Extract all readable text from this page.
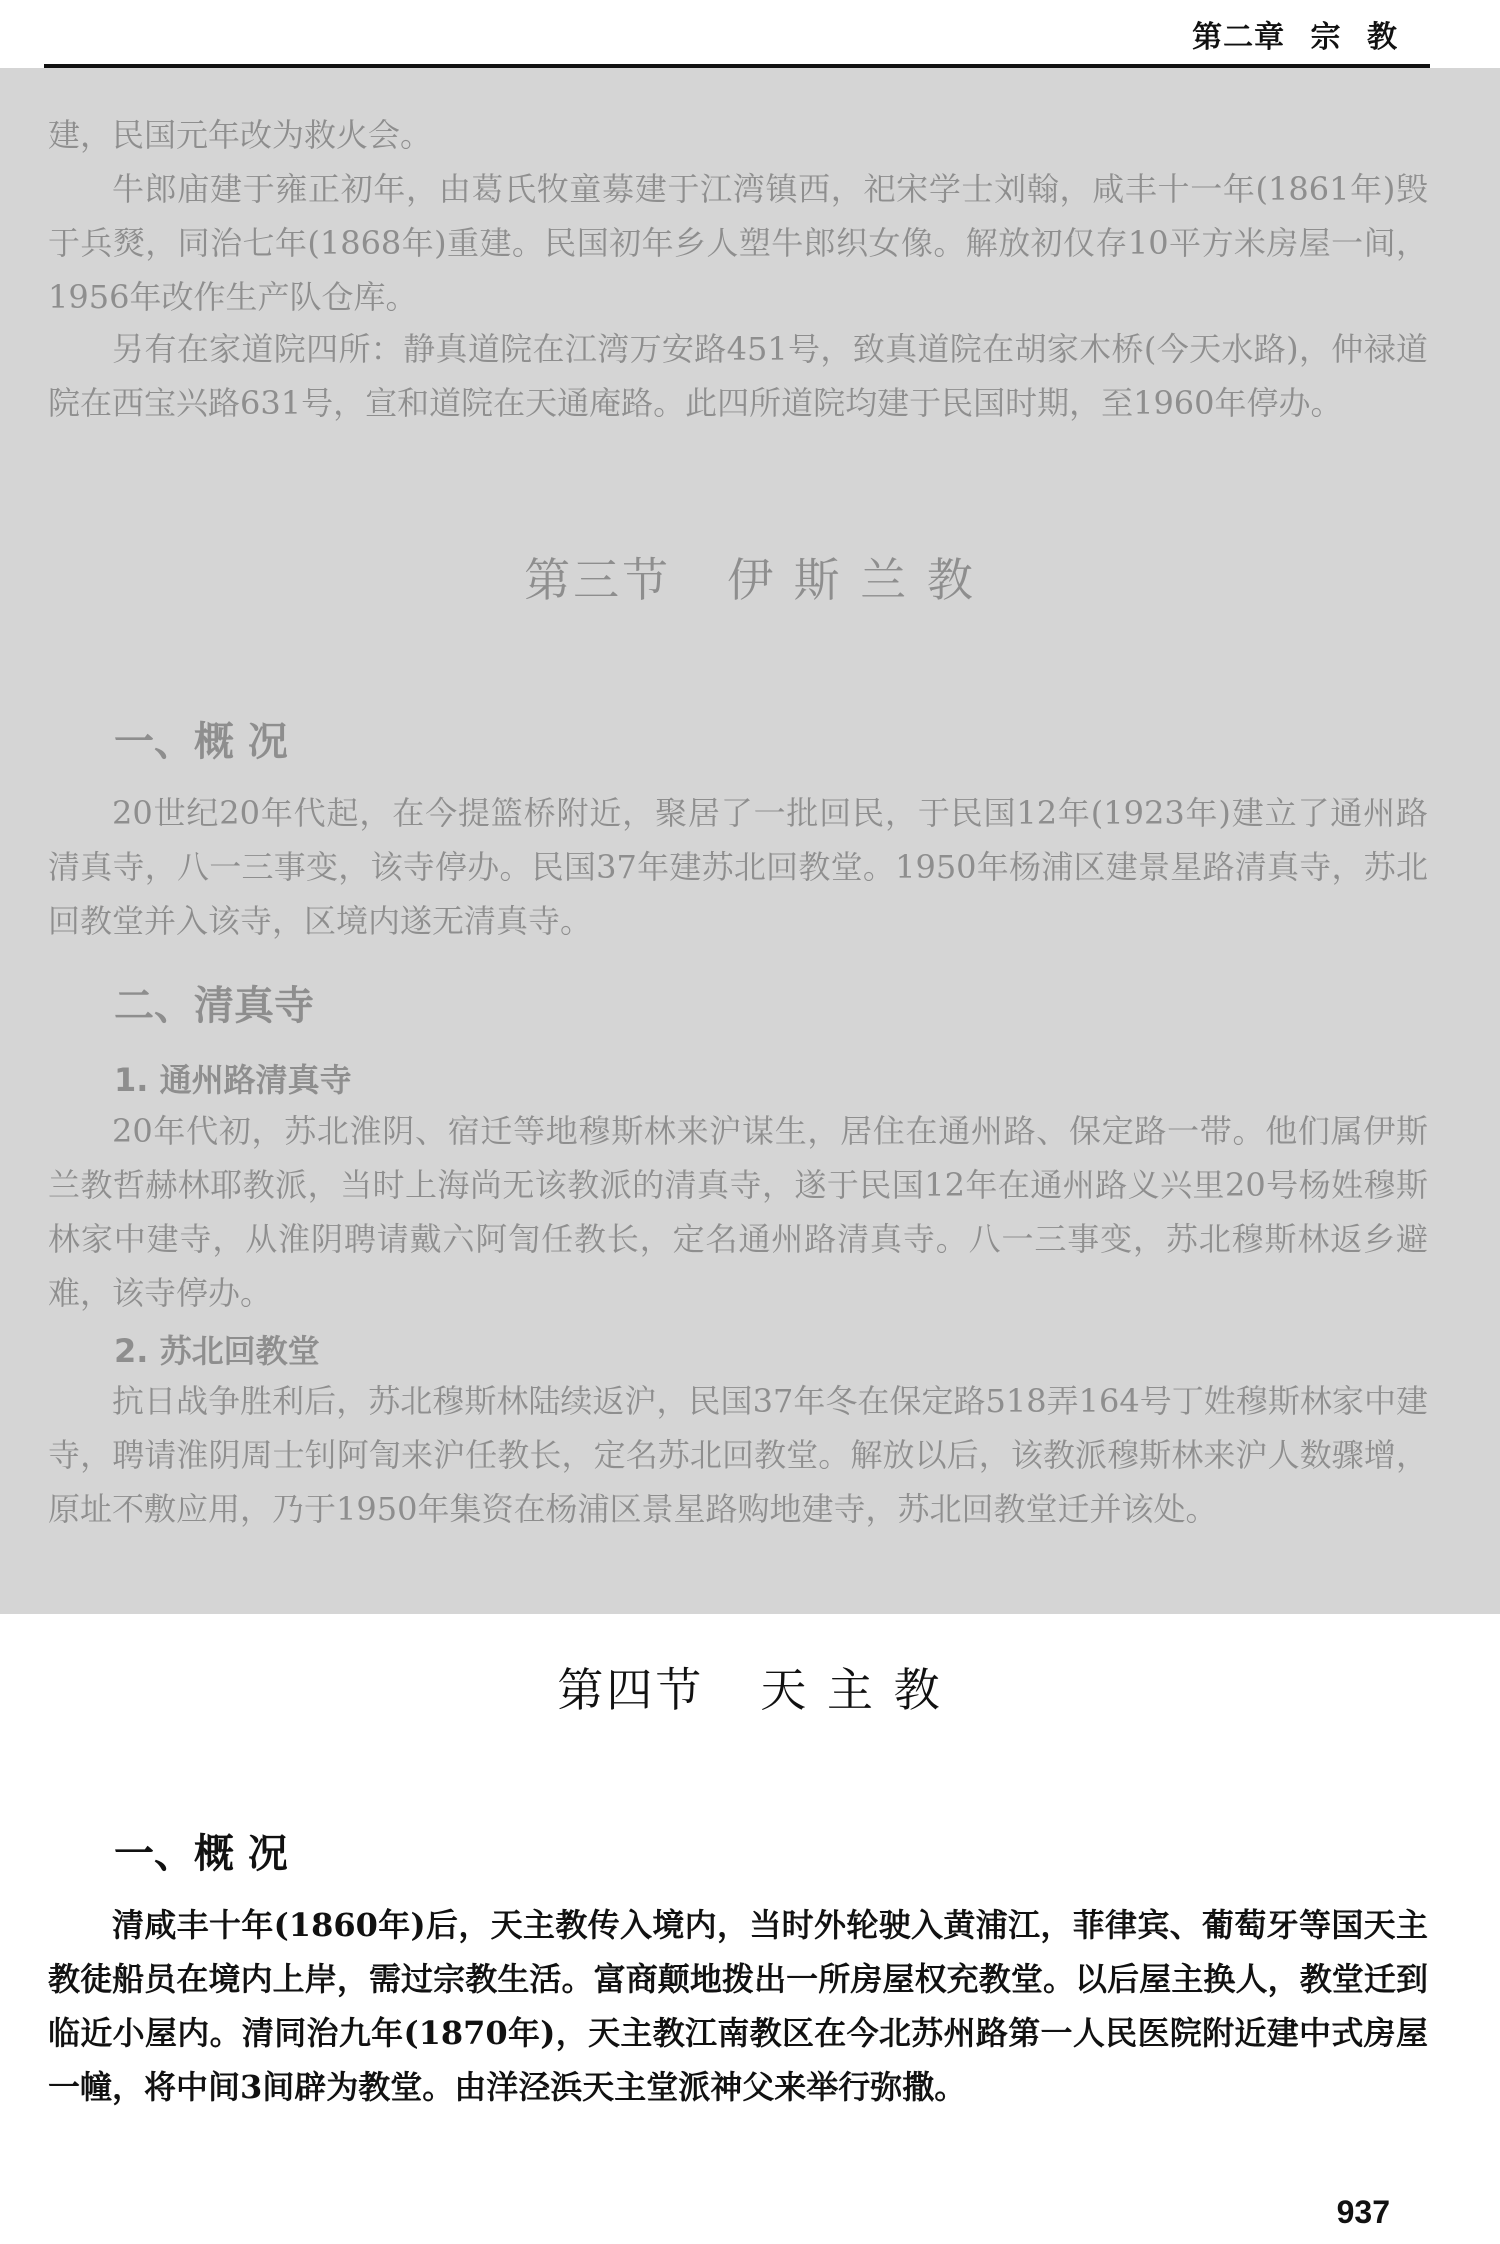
第二章 宗 教
建，民国元年改为救火会。
牛郎庙建于雍正初年，由葛氏牧童募建于江湾镇西，祀宋学士刘翰，咸丰十一年(1861年)毁于兵燹，同治七年(1868年)重建。民国初年乡人塑牛郎织女像。解放初仅存10平方米房屋一间，1956年改作生产队仓库。
另有在家道院四所：静真道院在江湾万安路451号，致真道院在胡家木桥(今天水路)，仲禄道院在西宝兴路631号，宣和道院在天通庵路。此四所道院均建于民国时期，至1960年停办。
第三节 伊 斯 兰 教
一、概 况
20世纪20年代起，在今提篮桥附近，聚居了一批回民，于民国12年(1923年)建立了通州路清真寺，八一三事变，该寺停办。民国37年建苏北回教堂。1950年杨浦区建景星路清真寺，苏北回教堂并入该寺，区境内遂无清真寺。
二、清真寺
1. 通州路清真寺
20年代初，苏北淮阴、宿迁等地穆斯林来沪谋生，居住在通州路、保定路一带。他们属伊斯兰教哲赫林耶教派，当时上海尚无该教派的清真寺，遂于民国12年在通州路义兴里20号杨姓穆斯林家中建寺，从淮阴聘请戴六阿訇任教长，定名通州路清真寺。八一三事变，苏北穆斯林返乡避难，该寺停办。
2. 苏北回教堂
抗日战争胜利后，苏北穆斯林陆续返沪，民国37年冬在保定路518弄164号丁姓穆斯林家中建寺，聘请淮阴周士钊阿訇来沪任教长，定名苏北回教堂。解放以后，该教派穆斯林来沪人数骤增，原址不敷应用，乃于1950年集资在杨浦区景星路购地建寺，苏北回教堂迁并该处。
第四节 天 主 教
一、概 况
清咸丰十年(1860年)后，天主教传入境内，当时外轮驶入黄浦江，菲律宾、葡萄牙等国天主教徒船员在境内上岸，需过宗教生活。富商颠地拨出一所房屋权充教堂。以后屋主换人，教堂迁到临近小屋内。清同治九年(1870年)，天主教江南教区在今北苏州路第一人民医院附近建中式房屋一幢，将中间3间辟为教堂。由洋泾浜天主堂派神父来举行弥撒。
937
